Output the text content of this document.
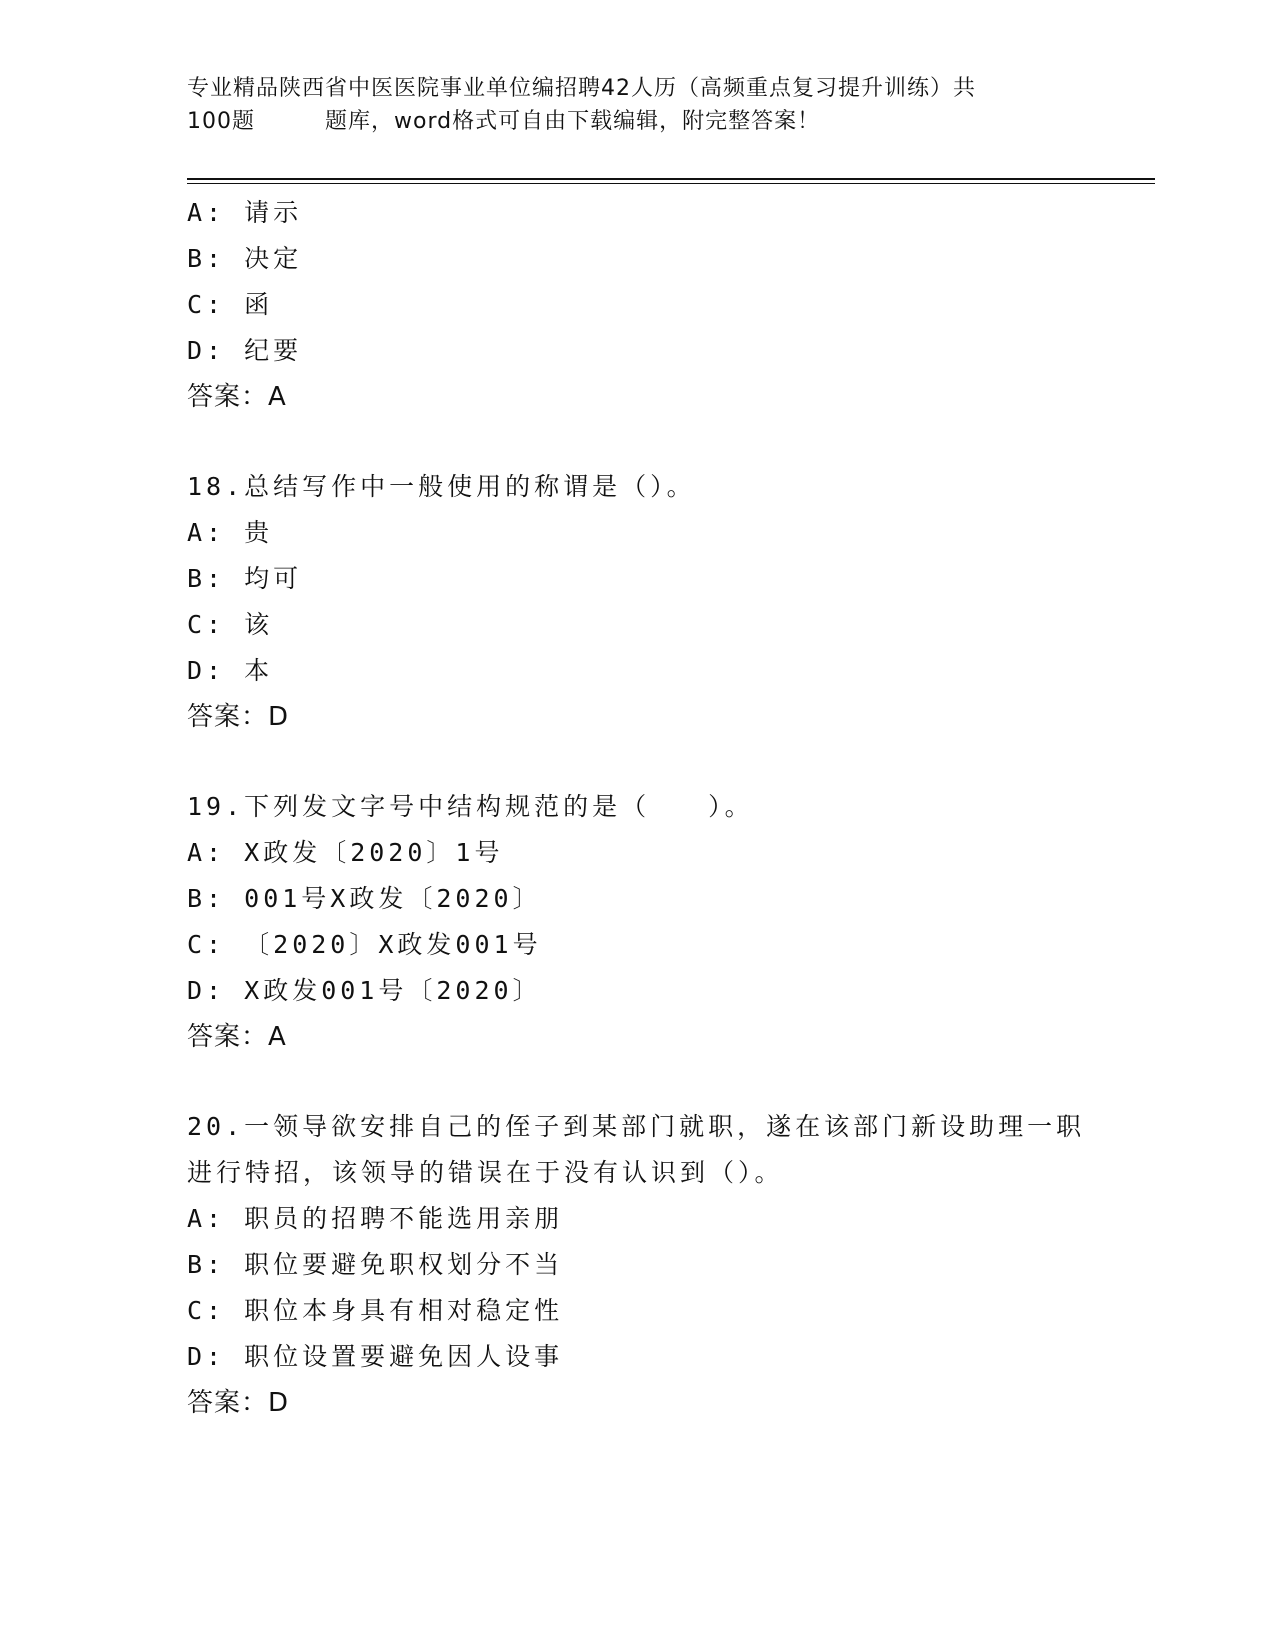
专业精品陕西省中医医院事业单位编招聘42人历（高频重点复习提升训练）共
100题	题库，word格式可自由下载编辑，附完整答案！
A: 请示
B: 决定
C: 函
D: 纪要
答案：A
18.总结写作中一般使用的称谓是（）。
A: 贵
B: 均可
C: 该
D: 本
答案：D
19.下列发文字号中结构规范的是（　　）。
A: X政发〔2020〕1号
B: 001号X政发〔2020〕
C: 〔2020〕X政发001号
D: X政发001号〔2020〕
答案：A
20.一领导欲安排自己的侄子到某部门就职，遂在该部门新设助理一职
进行特招，该领导的错误在于没有认识到（）。
A: 职员的招聘不能选用亲朋
B: 职位要避免职权划分不当
C: 职位本身具有相对稳定性
D: 职位设置要避免因人设事
答案：D
